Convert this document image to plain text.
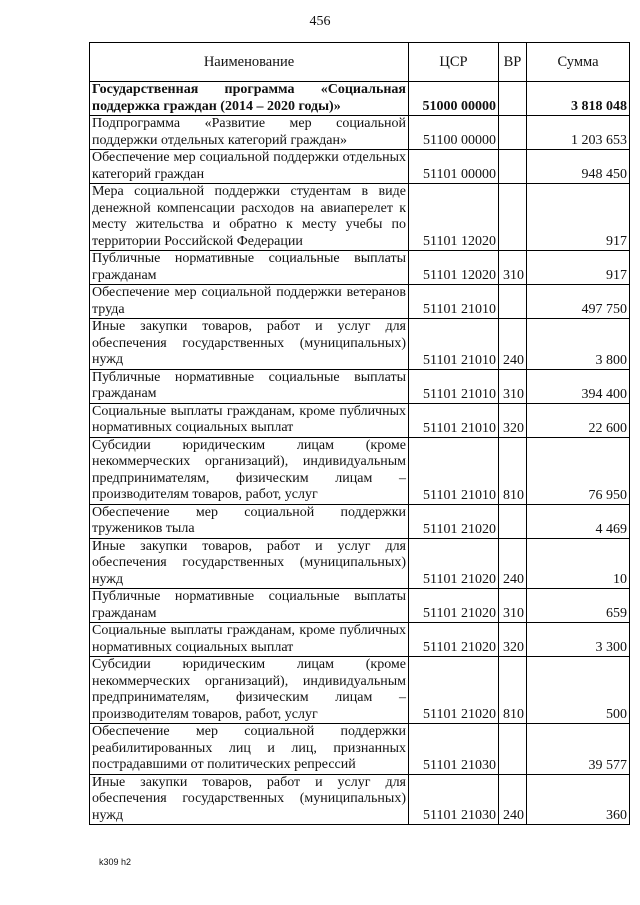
456
Наименование	ЦСР	ВР	Сумма
Государственная программа «Социальная поддержка граждан (2014 – 2020 годы)»	51000 00000		3 818 048
Подпрограмма «Развитие мер социальной поддержки отдельных категорий граждан»	51100 00000		1 203 653
Обеспечение мер социальной поддержки отдельных категорий граждан	51101 00000		948 450
Мера социальной поддержки студентам в виде денежной компенсации расходов на авиаперелет к месту жительства и обратно к месту учебы по территории Российской Федерации	51101 12020		917
Публичные нормативные социальные выплаты гражданам	51101 12020	310	917
Обеспечение мер социальной поддержки ветеранов труда	51101 21010		497 750
Иные закупки товаров, работ и услуг для обеспечения государственных (муниципальных) нужд	51101 21010	240	3 800
Публичные нормативные социальные выплаты гражданам	51101 21010	310	394 400
Социальные выплаты гражданам, кроме публичных нормативных социальных выплат	51101 21010	320	22 600
Субсидии юридическим лицам (кроме некоммерческих организаций), индивидуальным предпринимателям, физическим лицам – производителям товаров, работ, услуг	51101 21010	810	76 950
Обеспечение мер социальной поддержки тружеников тыла	51101 21020		4 469
Иные закупки товаров, работ и услуг для обеспечения государственных (муниципальных) нужд	51101 21020	240	10
Публичные нормативные социальные выплаты гражданам	51101 21020	310	659
Социальные выплаты гражданам, кроме публичных нормативных социальных выплат	51101 21020	320	3 300
Субсидии юридическим лицам (кроме некоммерческих организаций), индивидуальным предпринимателям, физическим лицам – производителям товаров, работ, услуг	51101 21020	810	500
Обеспечение мер социальной поддержки реабилитированных лиц и лиц, признанных пострадавшими от политических репрессий	51101 21030		39 577
Иные закупки товаров, работ и услуг для обеспечения государственных (муниципальных) нужд	51101 21030	240	360
k309 h2
